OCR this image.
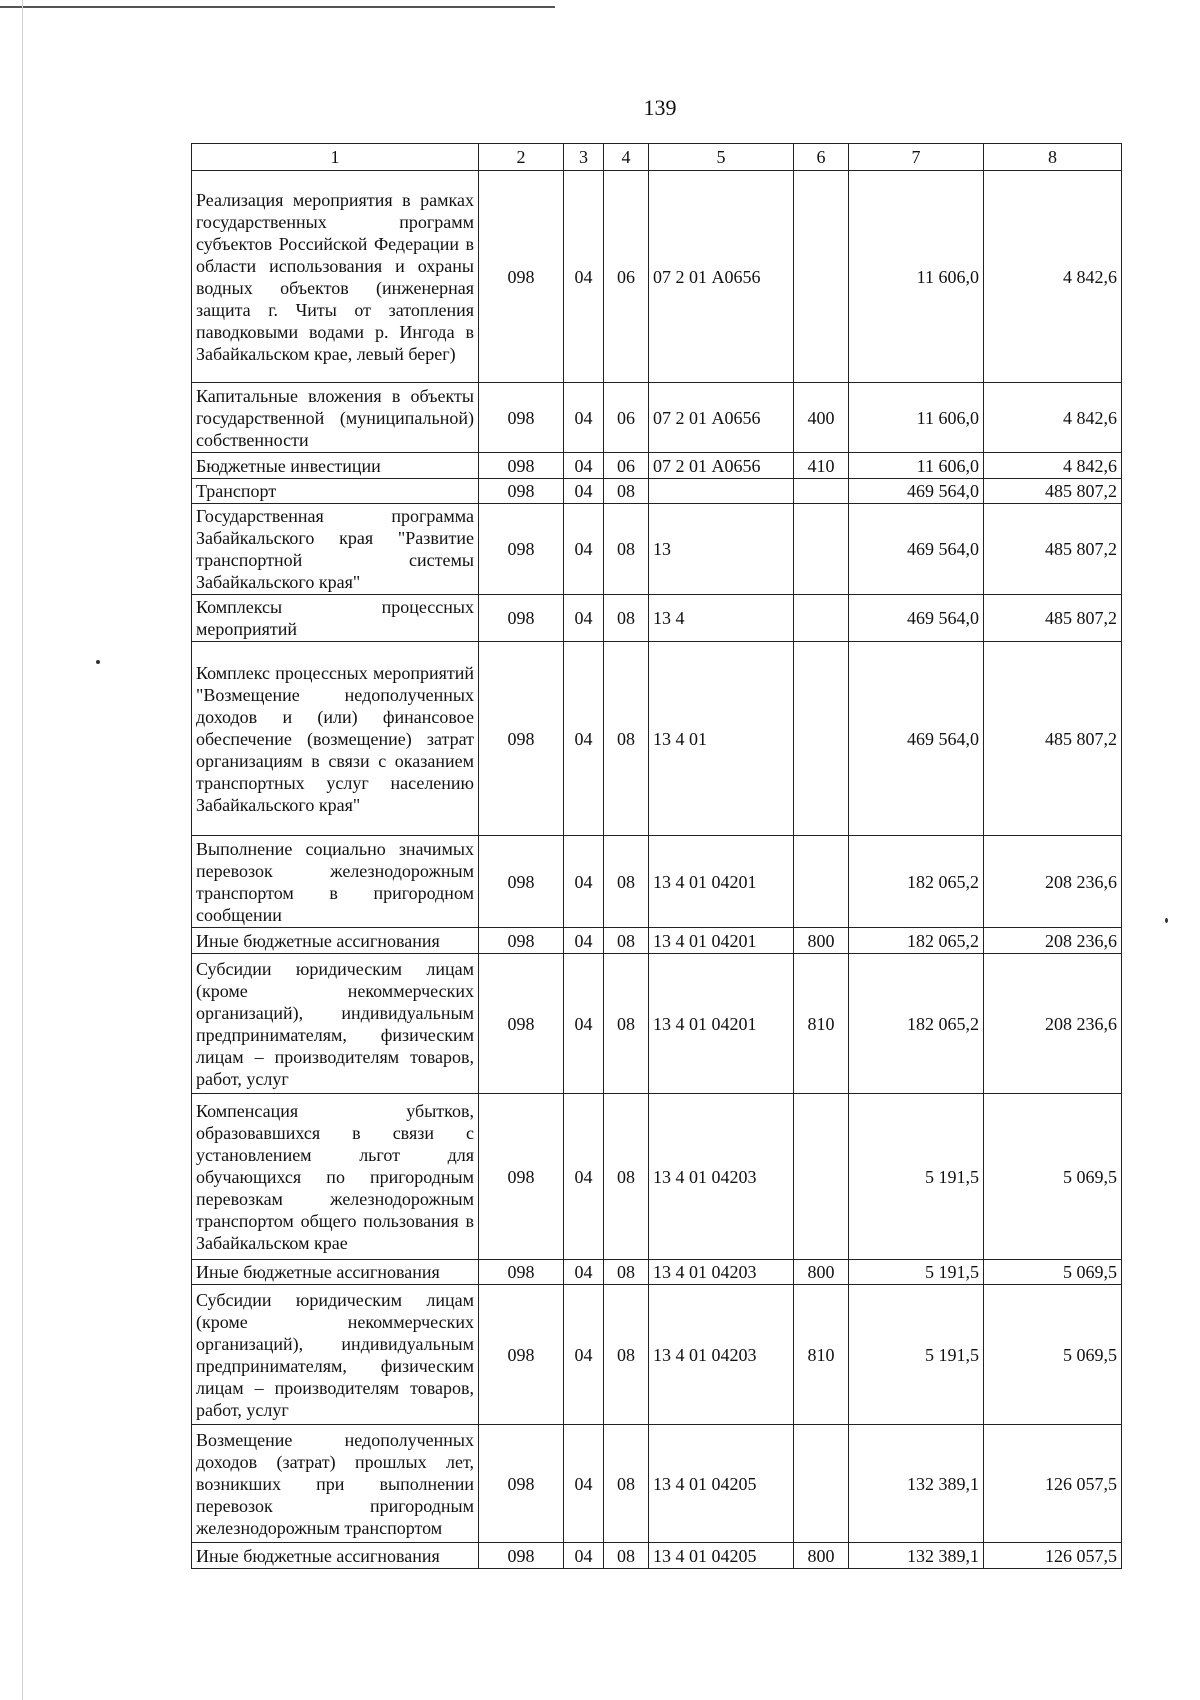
139
1	2	3	4	5	6	7	8
Реализация мероприятия в рамках государственных программ субъектов Российской Федерации в области использования и охраны водных объектов (инженерная защита г. Читы от затопления паводковыми водами р. Ингода в Забайкальском крае, левый берег)	098	04	06	07 2 01 А0656		11 606,0	4 842,6
Капитальные вложения в объекты государственной (муниципальной) собственности	098	04	06	07 2 01 А0656	400	11 606,0	4 842,6
Бюджетные инвестиции	098	04	06	07 2 01 А0656	410	11 606,0	4 842,6
Транспорт	098	04	08			469 564,0	485 807,2
Государственная программа Забайкальского края "Развитие транспортной системы Забайкальского края"	098	04	08	13		469 564,0	485 807,2
Комплексы процессных мероприятий	098	04	08	13 4		469 564,0	485 807,2
Комплекс процессных мероприятий "Возмещение недополученных доходов и (или) финансовое обеспечение (возмещение) затрат организациям в связи с оказанием транспортных услуг населению Забайкальского края"	098	04	08	13 4 01		469 564,0	485 807,2
Выполнение социально значимых перевозок железнодорожным транспортом в пригородном сообщении	098	04	08	13 4 01 04201		182 065,2	208 236,6
Иные бюджетные ассигнования	098	04	08	13 4 01 04201	800	182 065,2	208 236,6
Субсидии юридическим лицам (кроме некоммерческих организаций), индивидуальным предпринимателям, физическим лицам – производителям товаров, работ, услуг	098	04	08	13 4 01 04201	810	182 065,2	208 236,6
Компенсация убытков, образовавшихся в связи с установлением льгот для обучающихся по пригородным перевозкам железнодорожным транспортом общего пользования в Забайкальском крае	098	04	08	13 4 01 04203		5 191,5	5 069,5
Иные бюджетные ассигнования	098	04	08	13 4 01 04203	800	5 191,5	5 069,5
Субсидии юридическим лицам (кроме некоммерческих организаций), индивидуальным предпринимателям, физическим лицам – производителям товаров, работ, услуг	098	04	08	13 4 01 04203	810	5 191,5	5 069,5
Возмещение недополученных доходов (затрат) прошлых лет, возникших при выполнении перевозок пригородным железнодорожным транспортом	098	04	08	13 4 01 04205		132 389,1	126 057,5
Иные бюджетные ассигнования	098	04	08	13 4 01 04205	800	132 389,1	126 057,5
